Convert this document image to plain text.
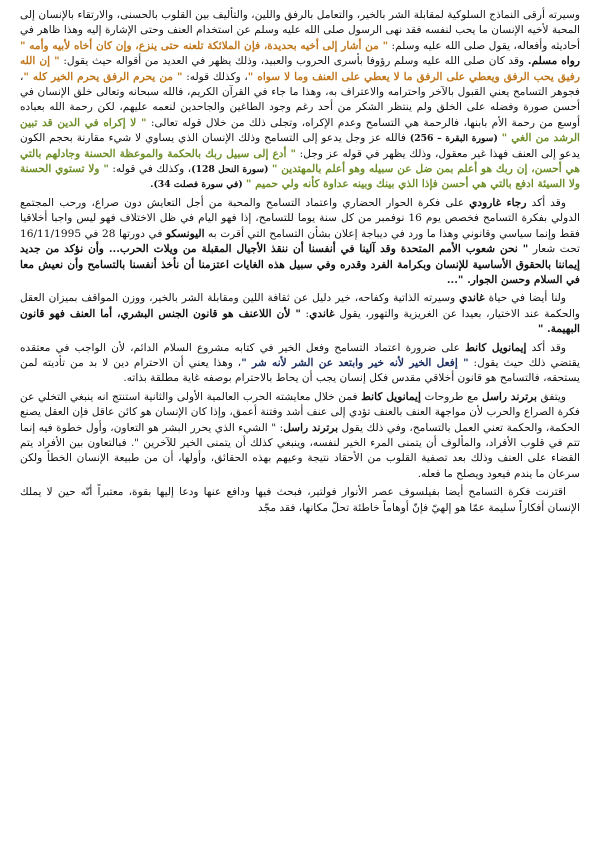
وسيرته أرقى النماذج السلوكية لمقابلة الشر بالخير، والتعامل بالرفق واللين، والتأليف بين القلوب بالحسنى، والارتقاء بالإنسان إلى المحبة لأخيه الإنسان ما يحب لنفسه فقد نهى الرسول صلى الله عليه وسلم عن استخدام العنف وحتى الإشارة إليه وهذا ظاهر في أحاديثه وأفعاله، يقول صلى الله عليه وسلم: " من أشار إلى أخيه بحديدة، فإن الملائكة تلعنه حتى ينزع، وإن كان أخاه لأبيه وأمه " رواه مسلم. وقد كان صلى الله عليه وسلم رؤوفا بأسرى الحروب والعبيد، وذلك يظهر في العديد من أقواله حيث يقول: " إن الله رفيق يحب الرفق ويعطي على الرفق ما لا يعطي على العنف وما لا سواه "، وكذلك قوله: " من يحرم الرفق يحرم الخير كله "، فجوهر التسامح يعني القبول بالآخر واحترامه والاعتراف به، وهذا ما جاء في القرآن الكريم، فالله سبحانه وتعالى خلق الإنسان في أحسن صورة وفضله على الخلق ولم ينتظر الشكر من أحد رغم وجود الطاغين والجاحدين لنعمه عليهم، لكن رحمة الله بعباده أوسع من رحمة الأم بابنها، فالرحمة هي التسامح وعدم الإكراه، وتجلى ذلك من خلال قوله تعالى: " لا إكراه في الدين قد تبين الرشد من الغي " (سورة البقرة – 256) فالله عز وجل يدعو إلى التسامح وذلك الإنسان الذي يساوي لا شيء مقارنة بحجم الكون يدعو إلى العنف فهذا غير معقول، وذلك يظهر في قوله عز وجل: " أدع إلى سبيل ربك بالحكمة والموعظة الحسنة وجادلهم بالتي هي أحسن، إن ربك هو أعلم بمن ضل عن سبيله وهو أعلم بالمهتدين " (سورة النحل 128)، وكذلك في قوله: " ولا تستوي الحسنة ولا السيئة ادفع بالتي هي أحسن فإذا الذي بينك وبينه عداوة كأنه ولي حميم " (في سورة فصلت 34).

وقد أكد رجاء غارودي على فكرة الحوار الحضاري واعتماد التسامح والمحبة من أجل التعايش دون صراع، ورحب المجتمع الدولي بفكرة التسامح فخصص يوم 16 نوفمبر من كل سنة يوما للتسامح، إذا فهو اليام في ظل الاختلاف فهو ليس واجبا أخلاقيا فقط وإنما سياسي وقانوني وهذا ما ورد في ديباجة إعلان بشأن التسامح التي أقرت به اليونسكو في دورتها 28 في 16/11/1995 تحت شعار " نحن شعوب الأمم المتحدة وقد آلينا في أنفسنا أن ننقذ الأجيال المقبلة من ويلات الحرب... وأن نؤكد من جديد إيماننا بالحقوق الأساسية للإنسان وبكرامة الفرد وقدره وفي سبيل هذه الغايات اعتزمنا أن نأخذ أنفسنا بالتسامح وأن نعيش معا في السلام وحسن الجوار. "...

ولنا أيضا في حياة غاندي وسيرته الذاتية وكفاحه، خير دليل عن ثقافة اللين ومقابلة الشر بالخير، ووزن المواقف بميزان العقل والحكمة عند الاختيار، بعيدا عن الغريزية والتهور، يقول غاندي: " لأن اللاعنف هو قانون الجنس البشري، أما العنف فهو قانون البهيمة. "

وقد أكد إيمانويل كانط على ضرورة اعتماد التسامح وفعل الخير في كتابه مشروع السلام الدائم، لأن الواجب في معتقده يقتضي ذلك حيث يقول: " إفعل الخير لأنه خير وابتعد عن الشر لأنه شر "، وهذا يعني أن الاحترام دين لا بد من تأديته لمن يستحقه، فالتسامح هو قانون أخلاقي مقدس فكل إنسان يجب أن يحاط بالاحترام بوصفه غاية مطلقة بذاته.

ويتفق برترند راسل مع طروحات إيمانويل كانط فمن خلال معايشته الحرب العالمية الأولى والثانية استنتج انه ينبغي التخلي عن فكرة الصراع والحرب لأن مواجهة العنف بالعنف تؤدي إلى عنف أشد وفتنة أعمق، وإذا كان الإنسان هو كائن عاقل فإن العقل يصنع الحكمة، والحكمة تعني العمل بالتسامح، وفي ذلك يقول برترند راسل: " الشيء الذي يحرر البشر هو التعاون، وأول خطوة فيه إنما تتم في قلوب الأفراد، والمألوف أن يتمنى المرء الخير لنفسه، وينبغي كذلك أن يتمنى الخير للآخرين ". فبالتعاون بين الأفراد يتم القضاء على العنف وذلك بعد تصفية القلوب من الأحقاد نتيجة وعيهم بهذه الحقائق، وأولها، أن من طبيعة الإنسان الخطأ ولكن سرعان ما يندم فيعود ويصلح ما فعله.

اقترنت فكرة التسامح أيضا بفيلسوف عصر الأنوار فولتير، فبحث فيها ودافع عنها ودعا إليها بقوة، معتبراً أنّه حين لا يملك الإنسان أفكاراً سليمة عمّا هو إلهيّ فإنّ أوهاماً خاطئة تحلّ مكانها، فقد مجّد
